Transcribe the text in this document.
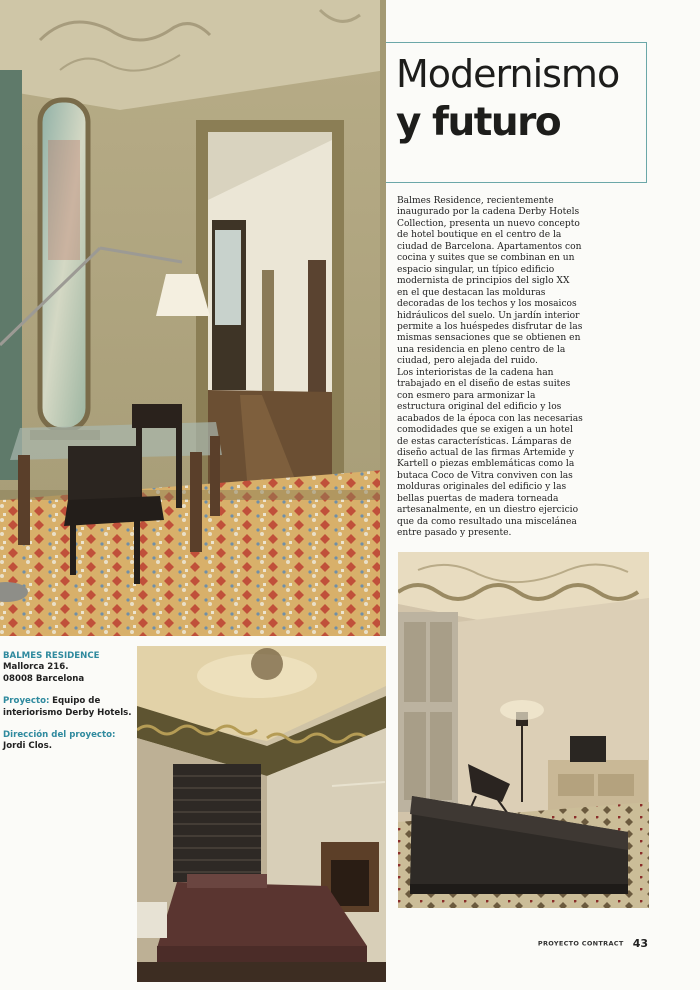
Modernismo
y futuro

Balmes Residence, recientemente inaugurado por la cadena Derby Hotels Collection, presenta un nuevo concepto de hotel boutique en el centro de la ciudad de Barcelona. Apartamentos con cocina y suites que se combinan en un espacio singular, un típico edificio modernista de principios del siglo XX en el que destacan las molduras decoradas de los techos y los mosaicos hidráulicos del suelo. Un jardín interior permite a los huéspedes disfrutar de las mismas sensaciones que se obtienen en una residencia en pleno centro de la ciudad, pero alejada del ruido.

Los interioristas de la cadena han trabajado en el diseño de estas suites con esmero para armonizar la estructura original del edificio y los acabados de la época con las necesarias comodidades que se exigen a un hotel de estas características. Lámparas de diseño actual de las firmas Artemide y Kartell o piezas emblemáticas como la butaca Coco de Vitra conviven con las molduras originales del edificio y las bellas puertas de madera torneada artesanalmente, en un diestro ejercicio que da como resultado una miscelánea entre pasado y presente.

BALMES RESIDENCE
Mallorca 216.
08008 Barcelona
Proyecto: Equipo de interiorismo Derby Hotels.
Dirección del proyecto:
Jordi Clos.
PROYECTO CONTRACT 43
